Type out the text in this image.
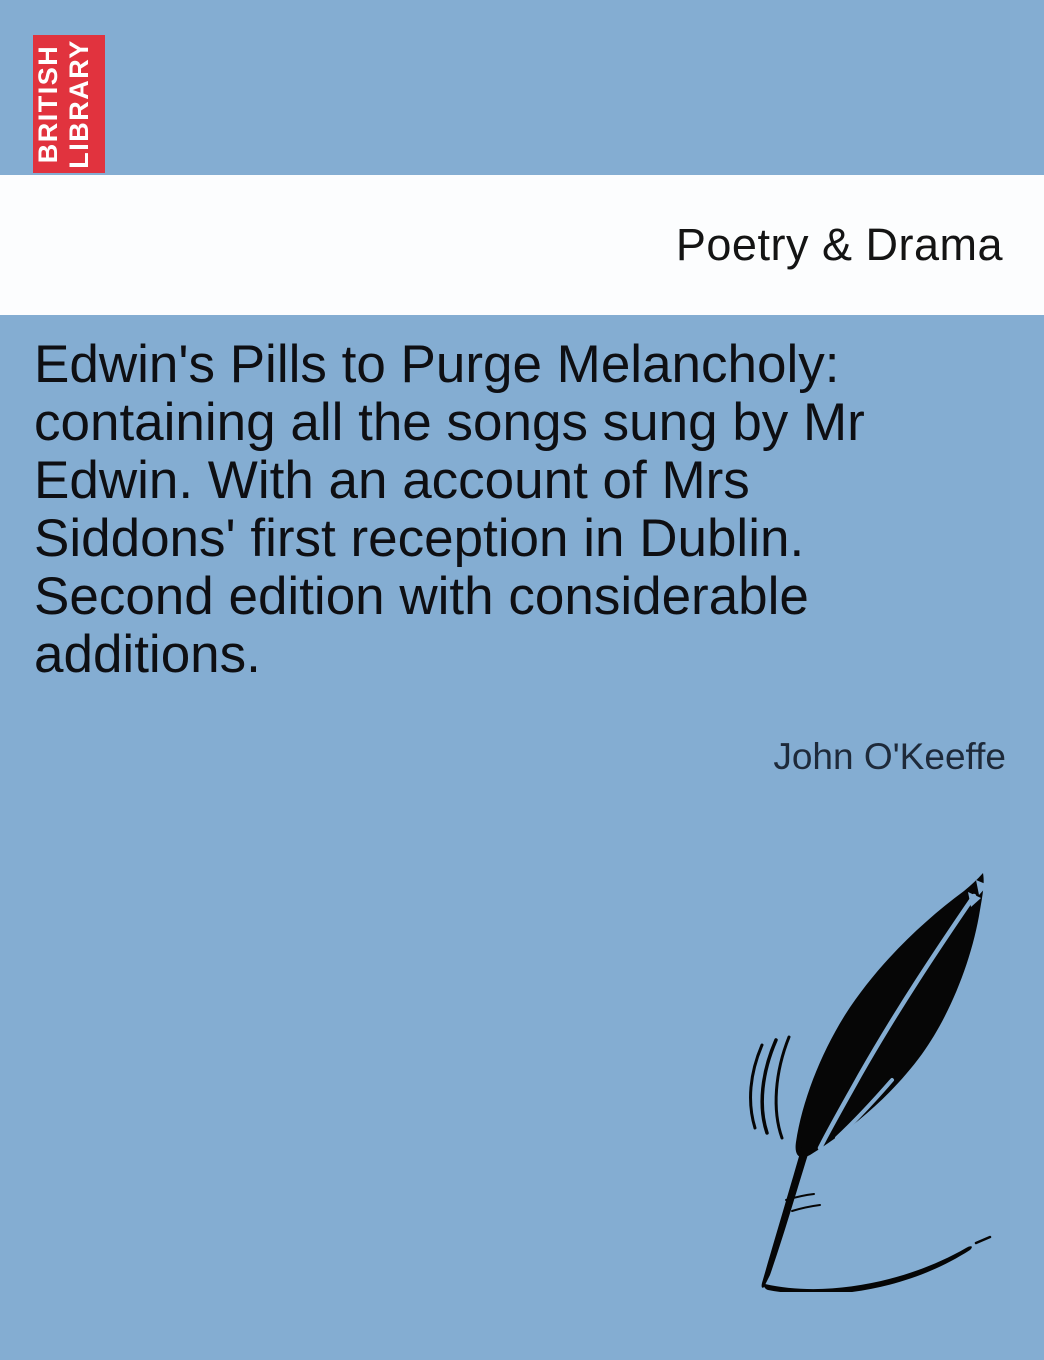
BRITISH LIBRARY
Poetry & Drama
Edwin's Pills to Purge Melancholy:
containing all the songs sung by Mr
Edwin. With an account of Mrs
Siddons' first reception in Dublin.
Second edition with considerable
additions.
John O'Keeffe
